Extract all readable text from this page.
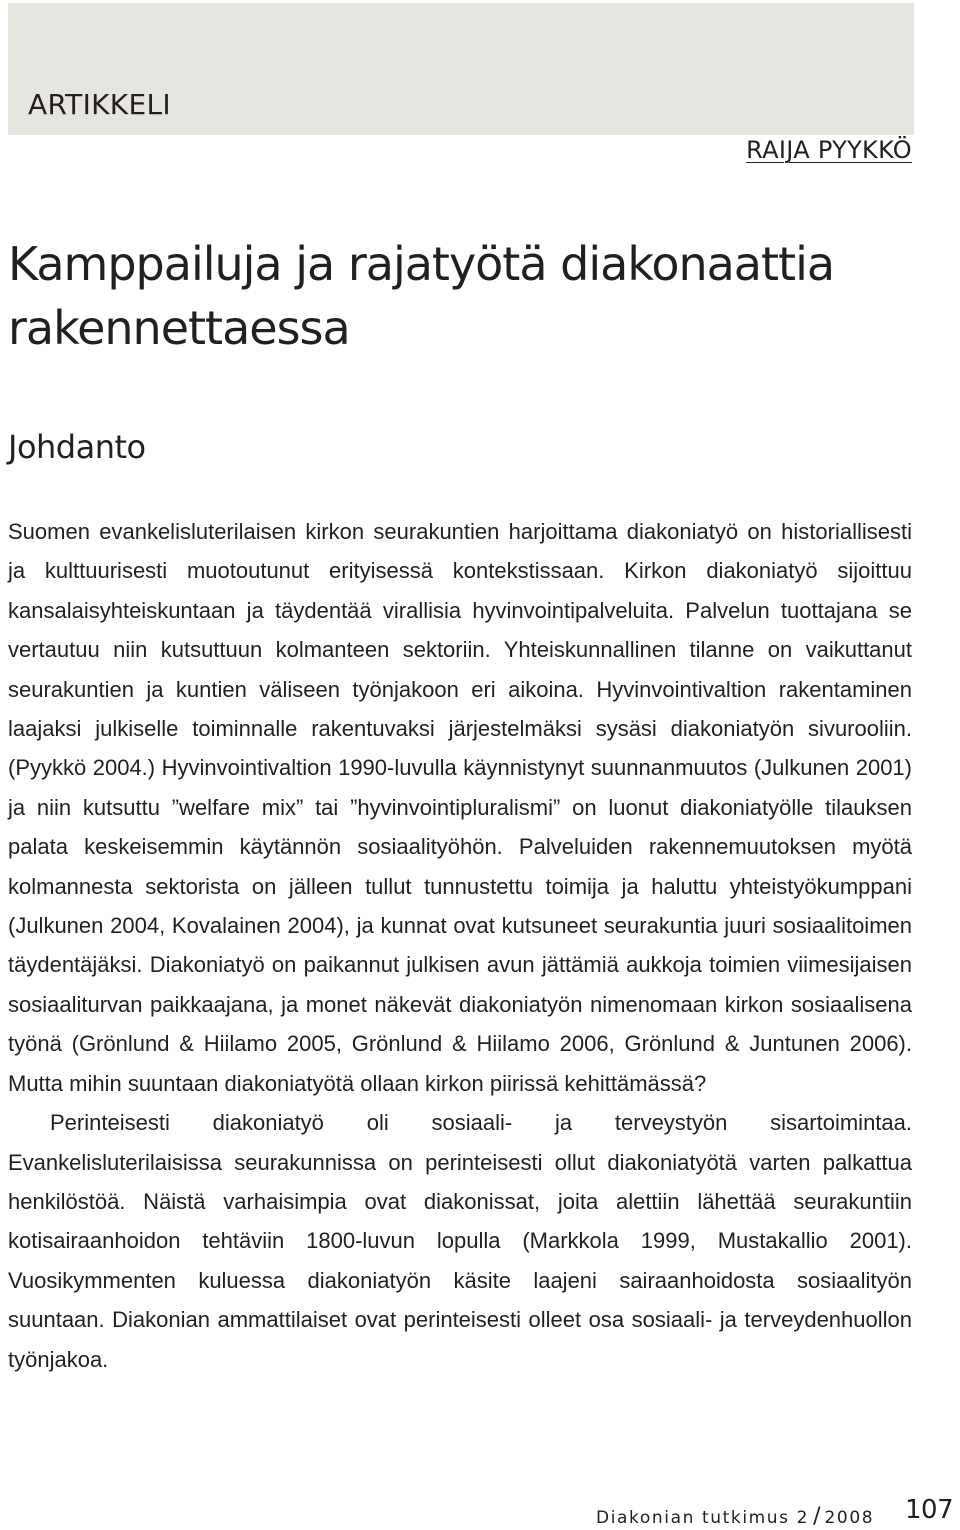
ARTIKKELI
RAIJA PYYKKÖ
Kamppailuja ja rajatyötä diakonaattia
rakennettaessa
Johdanto

Suomen evankelisluterilaisen kirkon seurakuntien harjoittama diakoniatyö on historiallisesti ja kulttuurisesti muotoutunut erityisessä kontekstissaan. Kirkon diakoniatyö sijoittuu kansalaisyhteiskuntaan ja täydentää virallisia hyvinvointipalveluita. Palvelun tuottajana se vertautuu niin kutsuttuun kolmanteen sektoriin. Yhteiskunnallinen tilanne on vaikuttanut seurakuntien ja kuntien väliseen työnjakoon eri aikoina. Hyvinvointivaltion rakentaminen laajaksi julkiselle toiminnalle rakentuvaksi järjestelmäksi sysäsi diakoniatyön sivurooliin. (Pyykkö 2004.) Hyvinvointivaltion 1990-luvulla käynnistynyt suunnanmuutos (Julkunen 2001) ja niin kutsuttu ”welfare mix” tai ”hyvinvointipluralismi” on luonut diakoniatyölle tilauksen palata keskeisemmin käytännön sosiaalityöhön. Palveluiden rakennemuutoksen myötä kolmannesta sektorista on jälleen tullut tunnustettu toimija ja haluttu yhteistyökumppani (Julkunen 2004, Kovalainen 2004), ja kunnat ovat kutsuneet seurakuntia juuri sosiaalitoimen täydentäjäksi. Diakoniatyö on paikannut julkisen avun jättämiä aukkoja toimien viimesijaisen sosiaaliturvan paikkaajana, ja monet näkevät diakoniatyön nimenomaan kirkon sosiaalisena työnä (Grönlund & Hiilamo 2005, Grönlund & Hiilamo 2006, Grönlund & Juntunen 2006). Mutta mihin suuntaan diakoniatyötä ollaan kirkon piirissä kehittämässä?

Perinteisesti diakoniatyö oli sosiaali- ja terveystyön sisartoimintaa. Evankelisluterilaisissa seurakunnissa on perinteisesti ollut diakoniatyötä varten palkattua henkilöstöä. Näistä varhaisimpia ovat diakonissat, joita alettiin lähettää seurakuntiin kotisairaanhoidon tehtäviin 1800-luvun lopulla (Markkola 1999, Mustakallio 2001). Vuosikymmenten kuluessa diakoniatyön käsite laajeni sairaanhoidosta sosiaalityön suuntaan. Diakonian ammattilaiset ovat perinteisesti olleet osa sosiaali- ja terveydenhuollon työnjakoa.

Diakonian tutkimus 2 / 2008 107
